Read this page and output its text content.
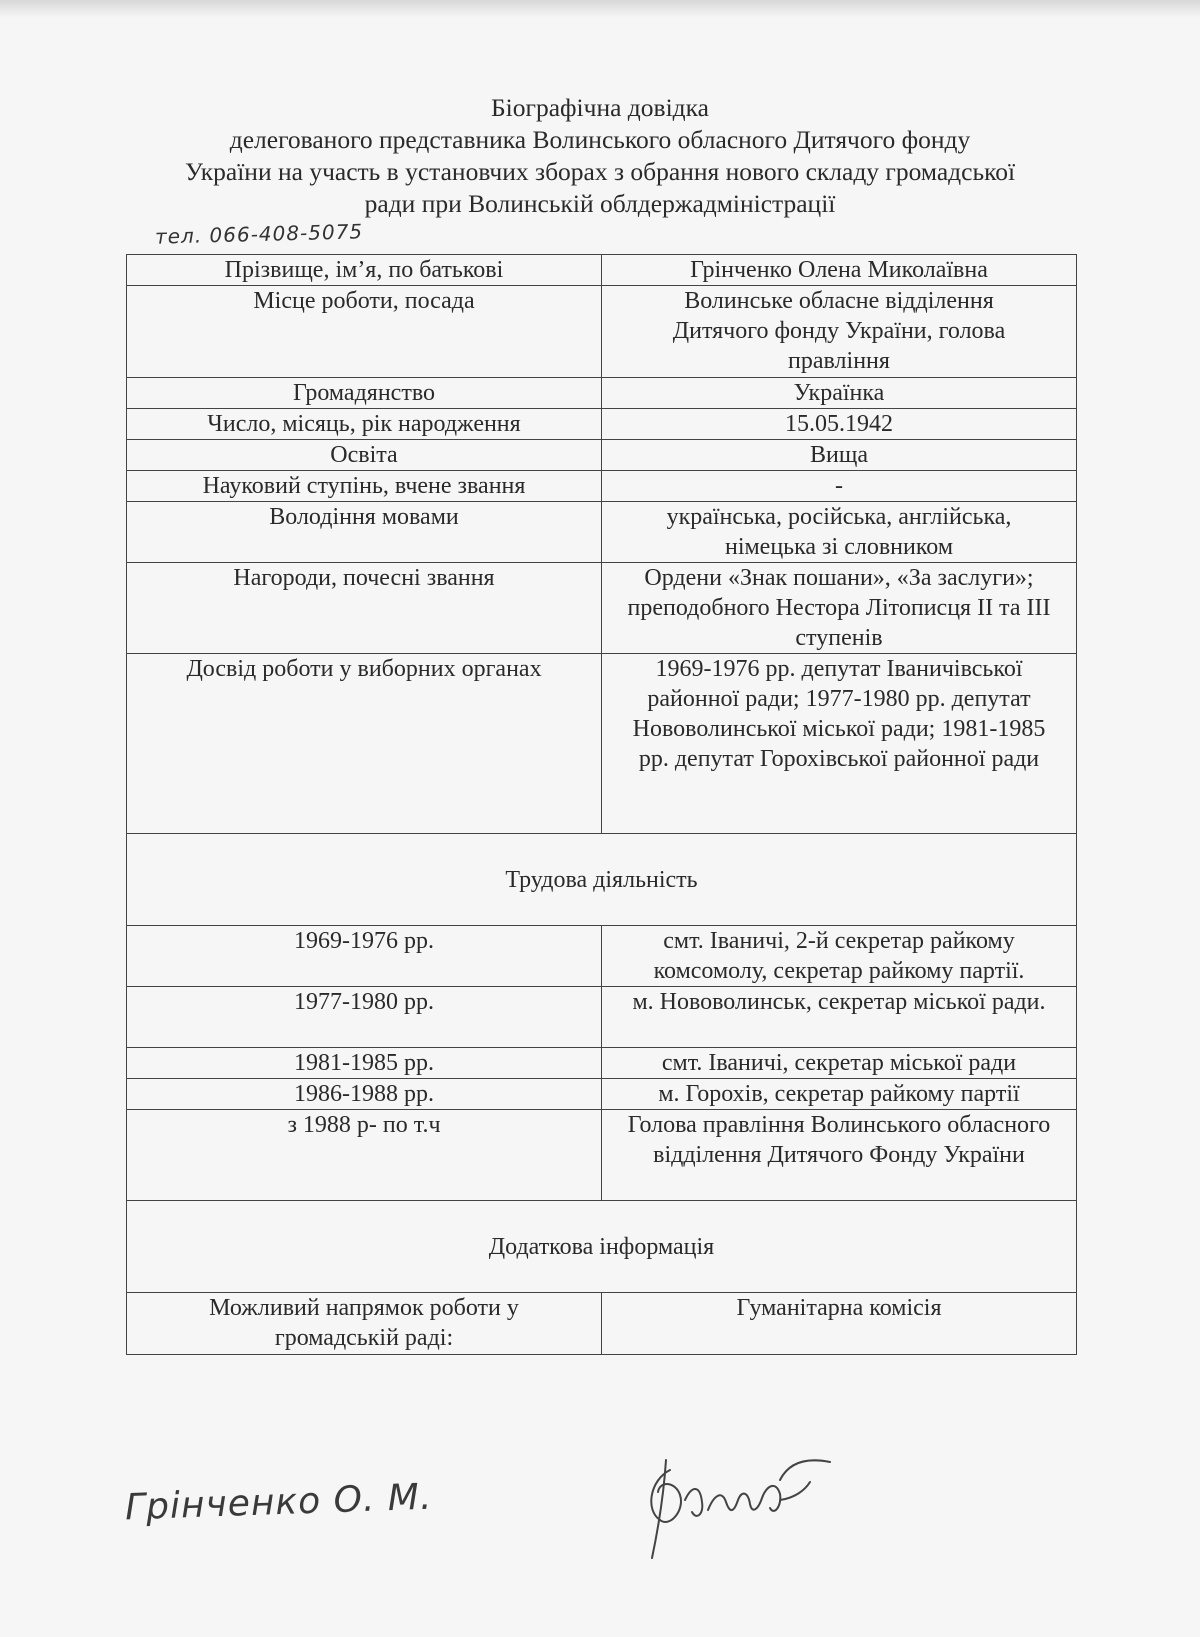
Біографічна довідка
делегованого представника Волинського обласного Дитячого фонду
України на участь в установчих зборах з обрання нового складу громадської
ради при Волинській облдержадміністрації
тел. 066-408-5075
Прізвище, ім’я, по батькові	Грінченко Олена Миколаївна
Місце роботи, посада	Волинське обласне відділення Дитячого фонду України, голова правління
Громадянство	Українка
Число, місяць, рік народження	15.05.1942
Освіта	Вища
Науковий ступінь, вчене звання	-
Володіння мовами	українська, російська, англійська, німецька зі словником
Нагороди, почесні звання	Ордени «Знак пошани», «За заслуги»; преподобного Нестора Літописця II та III ступенів
Досвід роботи у виборних органах	1969-1976 рр. депутат Іваничівської районної ради; 1977-1980 рр. депутат Нововолинської міської ради; 1981-1985 рр. депутат Горохівської районної ради
Трудова діяльність	
1969-1976 рр.	смт. Іваничі, 2-й секретар райкому комсомолу, секретар райкому партії.
1977-1980 рр.	м. Нововолинськ, секретар міської ради.
1981-1985 рр.	смт. Іваничі, секретар міської ради
1986-1988 рр.	м. Горохів, секретар райкому партії
з 1988 р- по т.ч	Голова правління Волинського обласного відділення Дитячого Фонду України
Додаткова інформація	
Можливий напрямок роботи у громадській раді:	Гуманітарна комісія
Грінченко О. М.
